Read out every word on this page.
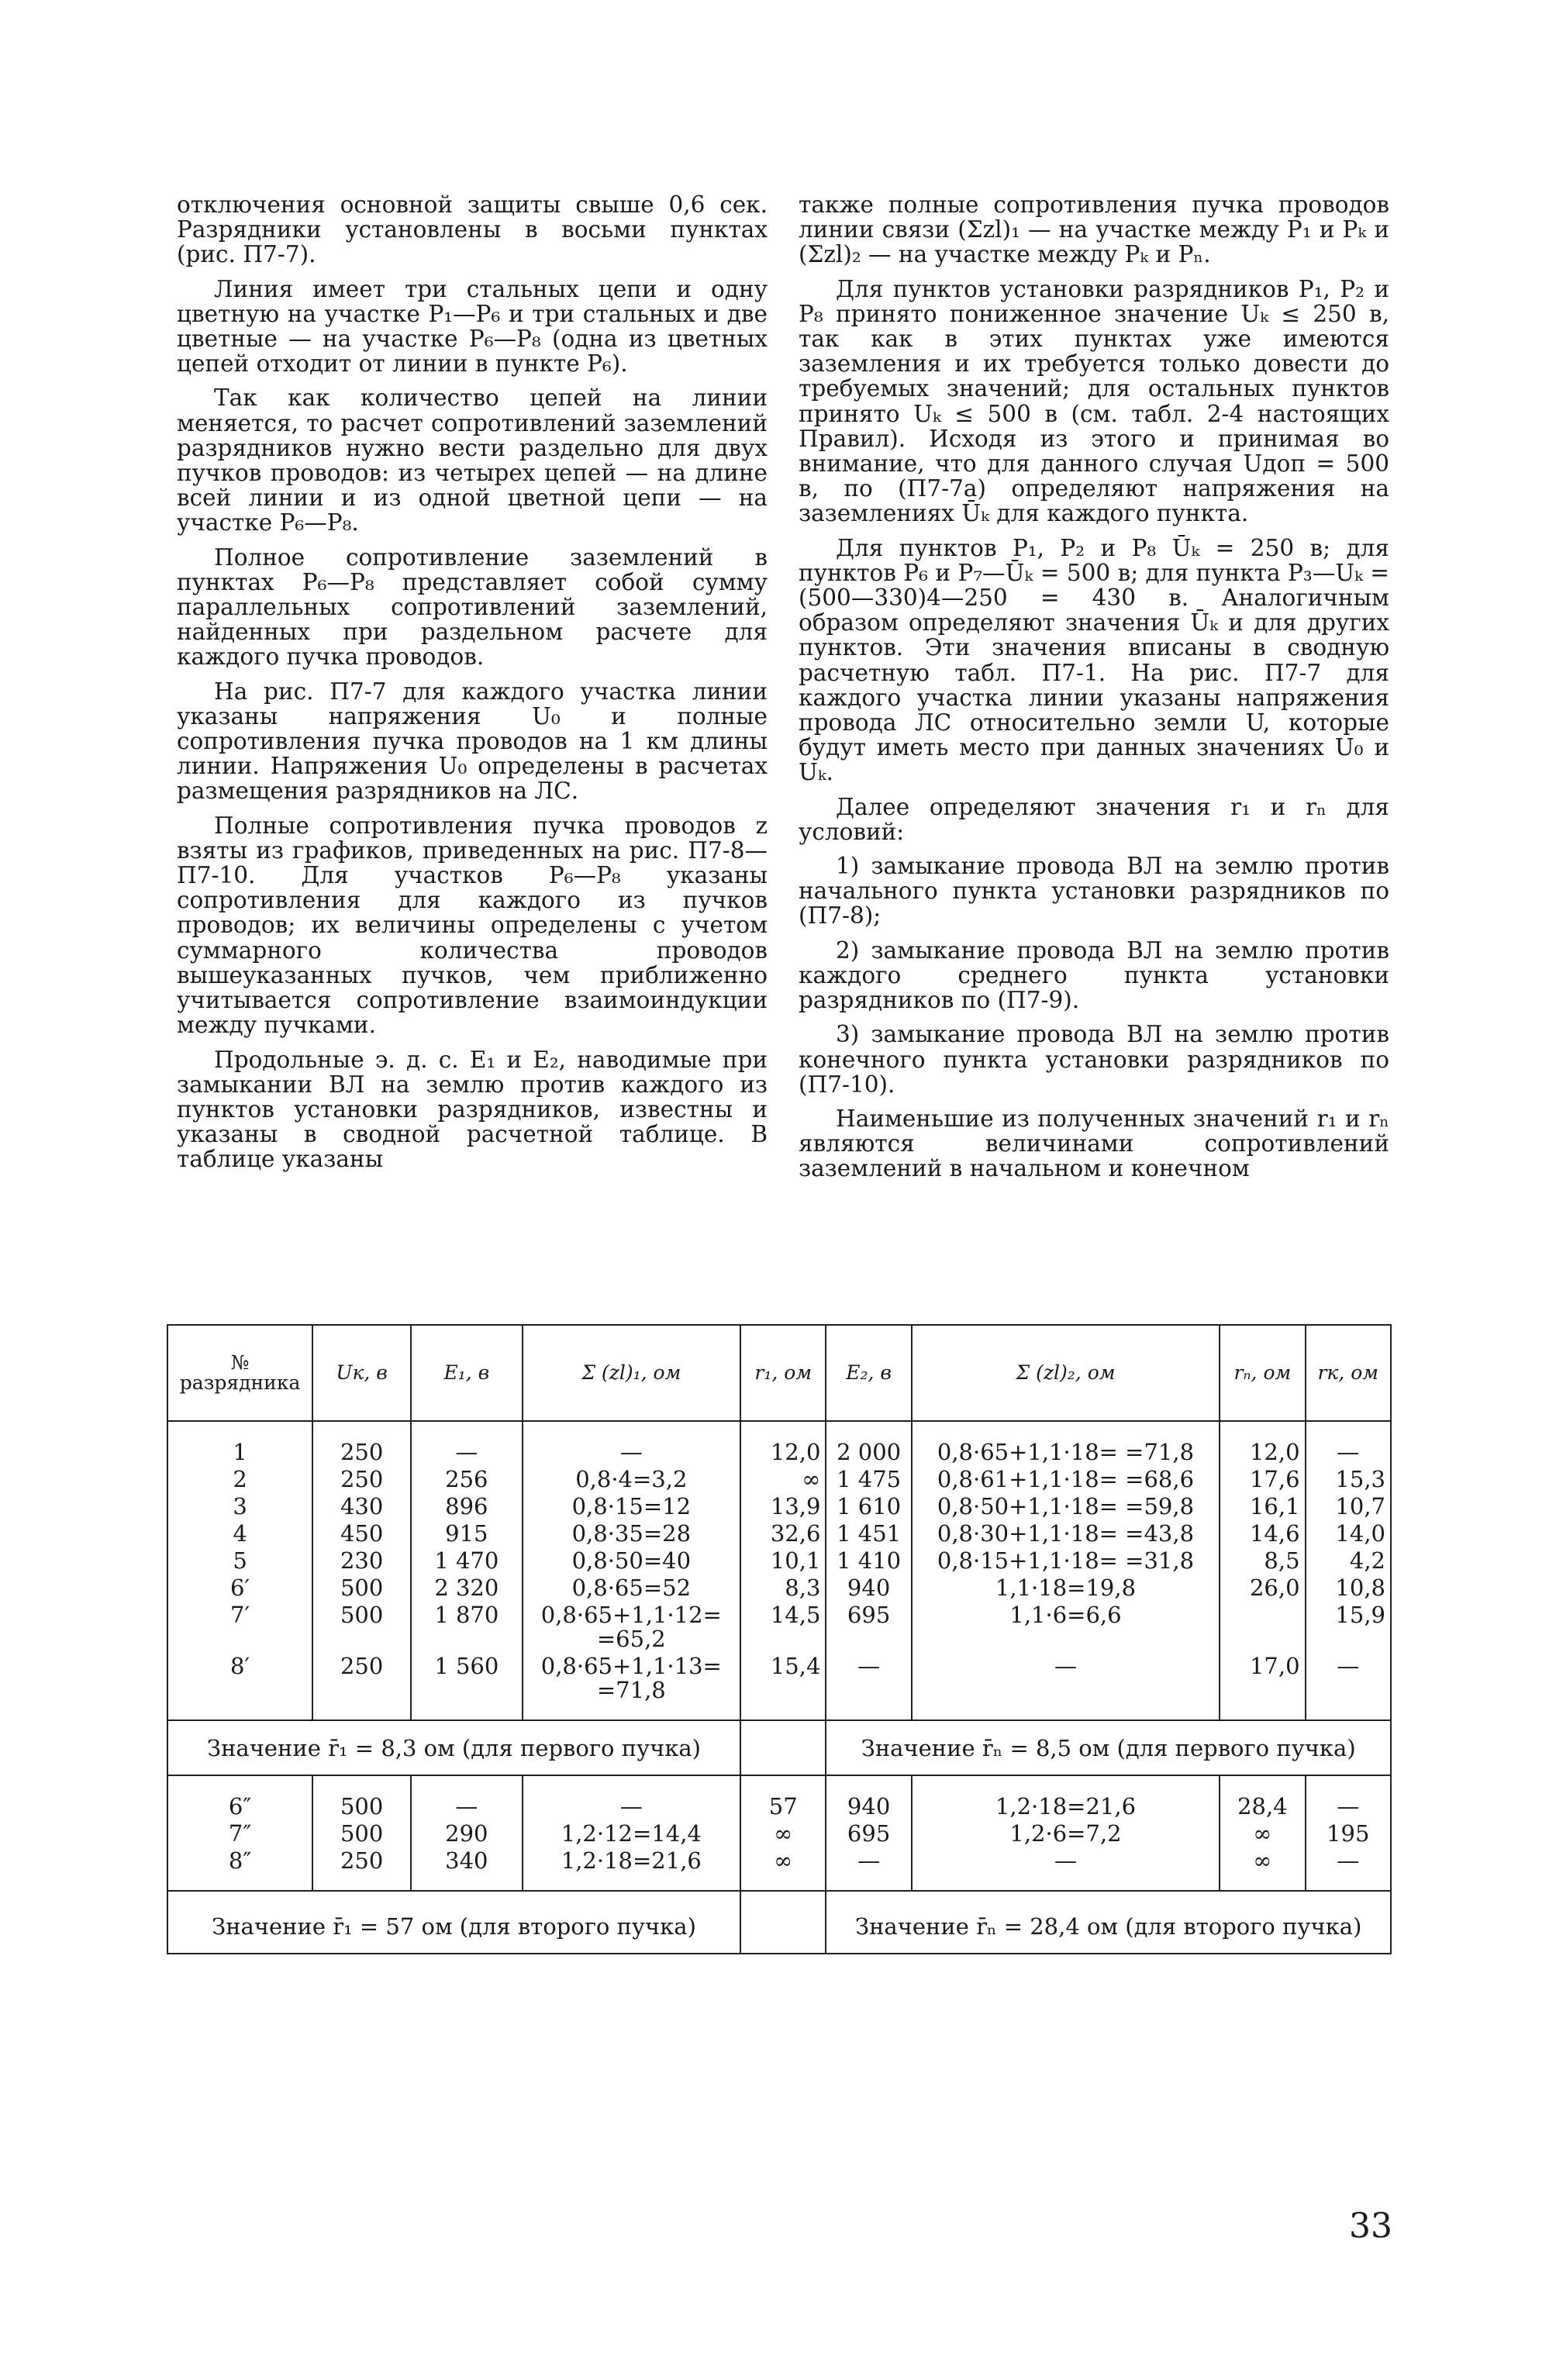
отключения основной защиты свыше 0,6 сек. Разрядники установлены в восьми пунктах (рис. П7-7).

Линия имеет три стальных цепи и одну цветную на участке P₁—P₆ и три стальных и две цветные — на участке P₆—P₈ (одна из цветных цепей отходит от линии в пункте P₆).

Так как количество цепей на линии меняется, то расчет сопротивлений заземлений разрядников нужно вести раздельно для двух пучков проводов: из четырех цепей — на длине всей линии и из одной цветной цепи — на участке P₆—P₈.

Полное сопротивление заземлений в пунктах P₆—P₈ представляет собой сумму параллельных сопротивлений заземлений, найденных при раздельном расчете для каждого пучка проводов.

На рис. П7-7 для каждого участка линии указаны напряжения U₀ и полные сопротивления пучка проводов на 1 км длины линии. Напряжения U₀ определены в расчетах размещения разрядников на ЛС.

Полные сопротивления пучка проводов z взяты из графиков, приведенных на рис. П7-8—П7-10. Для участков P₆—P₈ указаны сопротивления для каждого из пучков проводов; их величины определены с учетом суммарного количества проводов вышеуказанных пучков, чем приближенно учитывается сопротивление взаимоиндукции между пучками.

Продольные э. д. с. E₁ и E₂, наводимые при замыкании ВЛ на землю против каждого из пунктов установки разрядников, известны и указаны в сводной расчетной таблице. В таблице указаны

также полные сопротивления пучка проводов линии связи (Σzl)₁ — на участке между P₁ и Pₖ и (Σzl)₂ — на участке между Pₖ и Pₙ.

Для пунктов установки разрядников P₁, P₂ и P₈ принято пониженное значение Uₖ ≤ 250 в, так как в этих пунктах уже имеются заземления и их требуется только довести до требуемых значений; для остальных пунктов принято Uₖ ≤ 500 в (см. табл. 2-4 настоящих Правил). Исходя из этого и принимая во внимание, что для данного случая Uдоп = 500 в, по (П7-7а) определяют напряжения на заземлениях Ūₖ для каждого пункта.

Для пунктов P₁, P₂ и P₈ Ūₖ = 250 в; для пунктов P₆ и P₇—Ūₖ = 500 в; для пункта P₃—Uₖ = (500—330)4—250 = 430 в. Аналогичным образом определяют значения Ūₖ и для других пунктов. Эти значения вписаны в сводную расчетную табл. П7-1. На рис. П7-7 для каждого участка линии указаны напряжения провода ЛС относительно земли U, которые будут иметь место при данных значениях U₀ и Uₖ.

Далее определяют значения r₁ и rₙ для условий:

1) замыкание провода ВЛ на землю против начального пункта установки разрядников по (П7-8);

2) замыкание провода ВЛ на землю против каждого среднего пункта установки разрядников по (П7-9).

3) замыкание провода ВЛ на землю против конечного пункта установки разрядников по (П7-10).

Наименьшие из полученных значений r₁ и rₙ являются величинами сопротивлений заземлений в начальном и конечном

№ разрядника	Uк, в	E₁, в	Σ (zl)₁, ом	r₁, ом	E₂, в	Σ (zl)₂, ом	rₙ, ом	rк, ом
1	250	—	—	12,0	2 000	0,8·65+1,1·18= =71,8	12,0	—
2	250	256	0,8·4=3,2	∞	1 475	0,8·61+1,1·18= =68,6	17,6	15,3
3	430	896	0,8·15=12	13,9	1 610	0,8·50+1,1·18= =59,8	16,1	10,7
4	450	915	0,8·35=28	32,6	1 451	0,8·30+1,1·18= =43,8	14,6	14,0
5	230	1 470	0,8·50=40	10,1	1 410	0,8·15+1,1·18= =31,8	8,5	4,2
6′	500	2 320	0,8·65=52	8,3	940	1,1·18=19,8	26,0	10,8
7′	500	1 870	0,8·65+1,1·12= =65,2	14,5	695	1,1·6=6,6		15,9
8′	250	1 560	0,8·65+1,1·13= =71,8	15,4	—	—	17,0	—
Значение r̄₁ = 8,3 ом (для первого пучка)					Значение r̄ₙ = 8,5 ом (для первого пучка)			
6″	500	—	—	57	940	1,2·18=21,6	28,4	—
7″	500	290	1,2·12=14,4	∞	695	1,2·6=7,2	∞	195
8″	250	340	1,2·18=21,6	∞	—	—	∞	—
Значение r̄₁ = 57 ом (для второго пучка)					Значение r̄ₙ = 28,4 ом (для второго пучка)			
33
